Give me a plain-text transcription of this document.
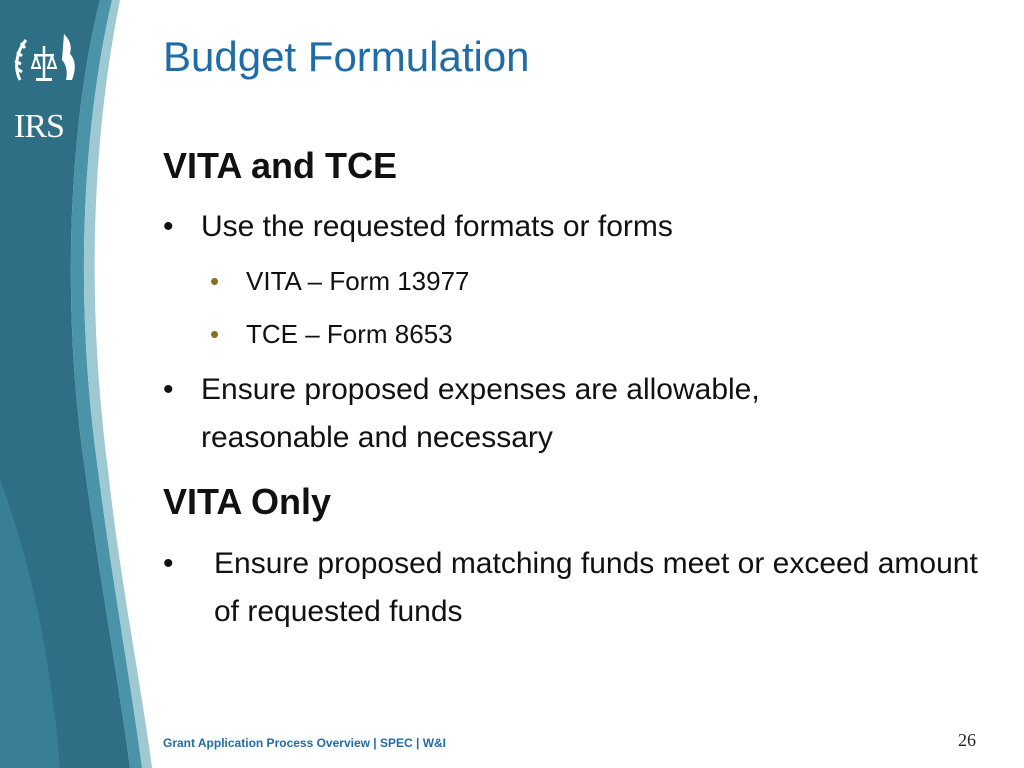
IRS
Budget Formulation
VITA and TCE
• Use the requested formats or forms
•	VITA – Form 13977
•	TCE – Form 8653
• Ensure proposed expenses are allowable, reasonable and necessary
VITA Only
•	Ensure proposed matching funds meet or exceed amount of requested funds
Grant Application Process Overview | SPEC | W&I	26
